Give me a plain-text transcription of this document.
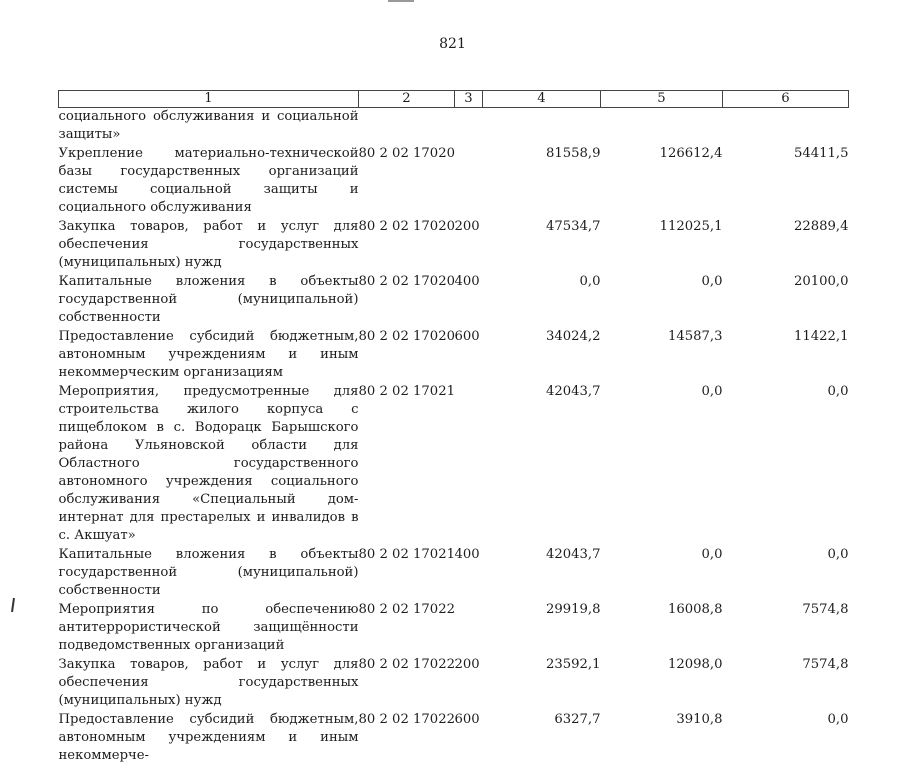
821
1	2	3	4	5	6
социального обслуживания и социальной защиты»					
Укрепление материально-технической базы государственных организаций системы социальной защиты и социального обслуживания	80 2 02 17020		81558,9	126612,4	54411,5
Закупка товаров, работ и услуг для обеспечения государственных (муниципальных) нужд	80 2 02 17020	200	47534,7	112025,1	22889,4
Капитальные вложения в объекты государственной (муниципальной) собственности	80 2 02 17020	400	0,0	0,0	20100,0
Предоставление субсидий бюджетным, автономным учреждениям и иным некоммерческим организациям	80 2 02 17020	600	34024,2	14587,3	11422,1
Мероприятия, предусмотренные для строительства жилого корпуса с пищеблоком в с. Водорацк Барышского района Ульяновской области для Областного государственного автономного учреждения социального обслуживания «Специальный дом-интернат для престарелых и инвалидов в с. Акшуат»	80 2 02 17021		42043,7	0,0	0,0
Капитальные вложения в объекты государственной (муниципальной) собственности	80 2 02 17021	400	42043,7	0,0	0,0
Мероприятия по обеспечению антитеррористической защищённости подведомственных организаций	80 2 02 17022		29919,8	16008,8	7574,8
Закупка товаров, работ и услуг для обеспечения государственных (муниципальных) нужд	80 2 02 17022	200	23592,1	12098,0	7574,8
Предоставление субсидий бюджетным, автономным учреждениям и иным некоммерче-	80 2 02 17022	600	6327,7	3910,8	0,0
